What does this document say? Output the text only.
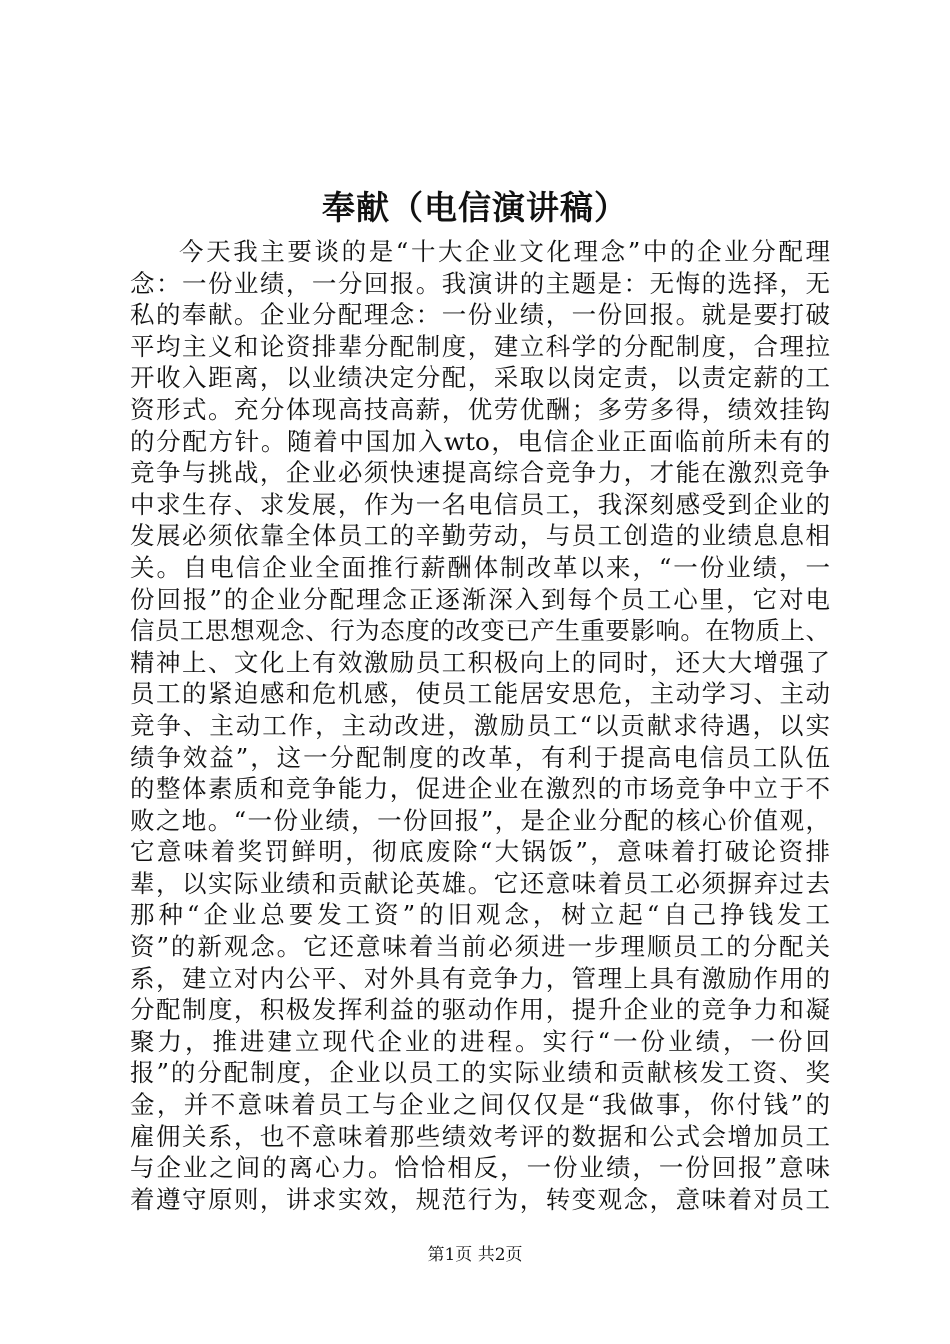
奉献（电信演讲稿）
今天我主要谈的是“十大企业文化理念”中的企业分配理
念：一份业绩，一分回报。我演讲的主题是：无悔的选择，无
私的奉献。企业分配理念：一份业绩，一份回报。就是要打破
平均主义和论资排辈分配制度，建立科学的分配制度，合理拉
开收入距离，以业绩决定分配，采取以岗定责，以责定薪的工
资形式。充分体现高技高薪，优劳优酬；多劳多得，绩效挂钩
的分配方针。随着中国加入wto，电信企业正面临前所未有的
竞争与挑战，企业必须快速提高综合竞争力，才能在激烈竞争
中求生存、求发展，作为一名电信员工，我深刻感受到企业的
发展必须依靠全体员工的辛勤劳动，与员工创造的业绩息息相
关。自电信企业全面推行薪酬体制改革以来，“一份业绩，一
份回报”的企业分配理念正逐渐深入到每个员工心里，它对电
信员工思想观念、行为态度的改变已产生重要影响。在物质上、
精神上、文化上有效激励员工积极向上的同时，还大大增强了
员工的紧迫感和危机感，使员工能居安思危，主动学习、主动
竞争、主动工作，主动改进，激励员工“以贡献求待遇，以实
绩争效益”，这一分配制度的改革，有利于提高电信员工队伍
的整体素质和竞争能力，促进企业在激烈的市场竞争中立于不
败之地。“一份业绩，一份回报”，是企业分配的核心价值观，
它意味着奖罚鲜明，彻底废除“大锅饭”，意味着打破论资排
辈，以实际业绩和贡献论英雄。它还意味着员工必须摒弃过去
那种“企业总要发工资”的旧观念，树立起“自己挣钱发工
资”的新观念。它还意味着当前必须进一步理顺员工的分配关
系，建立对内公平、对外具有竞争力，管理上具有激励作用的
分配制度，积极发挥利益的驱动作用，提升企业的竞争力和凝
聚力，推进建立现代企业的进程。实行“一份业绩，一份回
报”的分配制度，企业以员工的实际业绩和贡献核发工资、奖
金，并不意味着员工与企业之间仅仅是“我做事，你付钱”的
雇佣关系，也不意味着那些绩效考评的数据和公式会增加员工
与企业之间的离心力。恰恰相反，一份业绩，一份回报”意味
着遵守原则，讲求实效，规范行为，转变观念，意味着对员工
第1页 共2页
